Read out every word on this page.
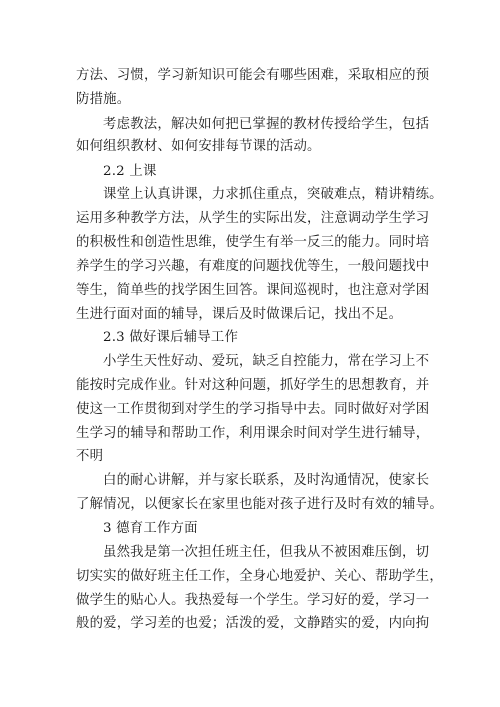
方法、习惯，学习新知识可能会有哪些困难，采取相应的预
防措施。
考虑教法，解决如何把已掌握的教材传授给学生，包括
如何组织教材、如何安排每节课的活动。
2.2 上课
课堂上认真讲课，力求抓住重点，突破难点，精讲精练。
运用多种教学方法，从学生的实际出发，注意调动学生学习
的积极性和创造性思维，使学生有举一反三的能力。同时培
养学生的学习兴趣，有难度的问题找优等生，一般问题找中
等生，简单些的找学困生回答。课间巡视时，也注意对学困
生进行面对面的辅导，课后及时做课后记，找出不足。
2.3 做好课后辅导工作
小学生天性好动、爱玩，缺乏自控能力，常在学习上不
能按时完成作业。针对这种问题，抓好学生的思想教育，并
使这一工作贯彻到对学生的学习指导中去。同时做好对学困
生学习的辅导和帮助工作，利用课余时间对学生进行辅导，
不明
白的耐心讲解，并与家长联系，及时沟通情况，使家长
了解情况，以便家长在家里也能对孩子进行及时有效的辅导。
3 德育工作方面
虽然我是第一次担任班主任，但我从不被困难压倒，切
切实实的做好班主任工作，全身心地爱护、关心、帮助学生，
做学生的贴心人。我热爱每一个学生。学习好的爱，学习一
般的爱，学习差的也爱；活泼的爱，文静踏实的爱，内向拘
